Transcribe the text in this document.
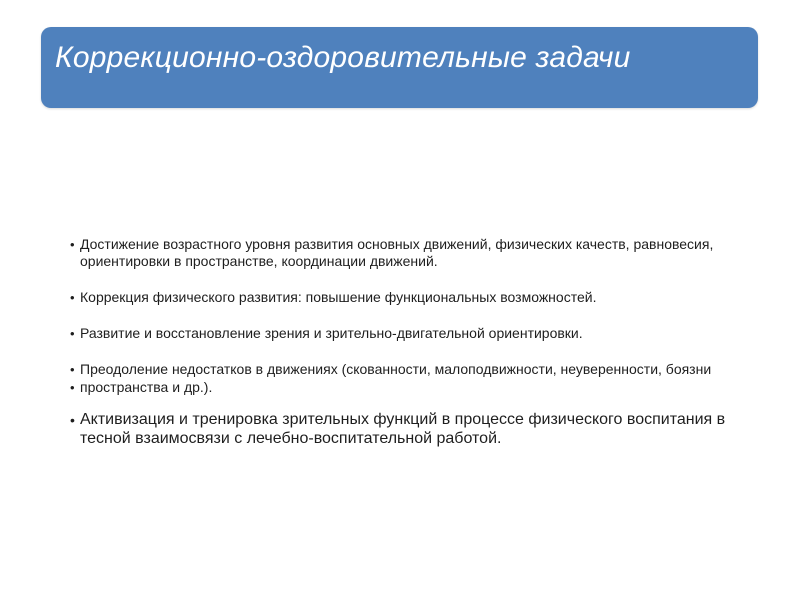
Коррекционно-оздоровительные задачи
• Достижение возрастного уровня развития основных движений, физических качеств, равновесия, ориентировки в пространстве, координации движений.
• Коррекция физического развития: повышение функциональных возможностей.
• Развитие и восстановление зрения и зрительно-двигательной ориентировки.
• Преодоление недостатков в движениях (скованности, малоподвижности, неуверенности, боязни
• пространства и др.).
• Активизация и тренировка зрительных функций в процессе физического воспитания в тесной взаимосвязи с лечебно-воспитательной работой.
